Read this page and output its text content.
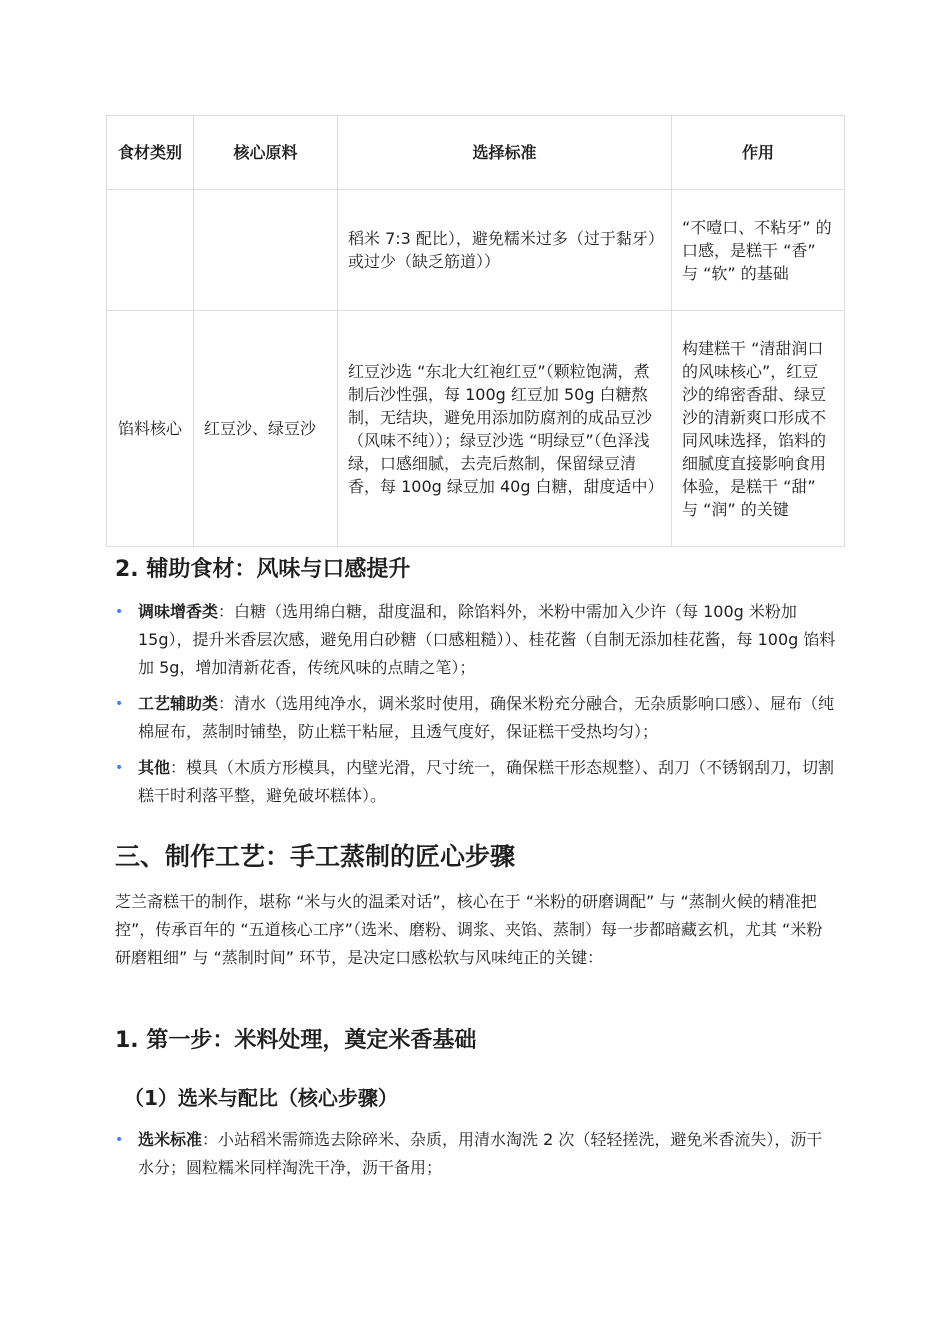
食材类别	核心原料	选择标准	作用
		稻米 7:3 配比），避免糯米过多（过于黏牙）或过少（缺乏筋道））	“不噎口、不粘牙” 的口感，是糕干 “香” 与 “软” 的基础
馅料核心	红豆沙、绿豆沙	红豆沙选 “东北大红袍红豆”（颗粒饱满，煮制后沙性强，每 100g 红豆加 50g 白糖熬制，无结块，避免用添加防腐剂的成品豆沙（风味不纯））；绿豆沙选 “明绿豆”（色泽浅绿，口感细腻，去壳后熬制，保留绿豆清香，每 100g 绿豆加 40g 白糖，甜度适中）	构建糕干 “清甜润口的风味核心”，红豆沙的绵密香甜、绿豆沙的清新爽口形成不同风味选择，馅料的细腻度直接影响食用体验，是糕干 “甜” 与 “润” 的关键
2. 辅助食材：风味与口感提升
• 调味增香类：白糖（选用绵白糖，甜度温和，除馅料外，米粉中需加入少许（每 100g 米粉加 15g），提升米香层次感，避免用白砂糖（口感粗糙））、桂花酱（自制无添加桂花酱，每 100g 馅料加 5g，增加清新花香，传统风味的点睛之笔）；
• 工艺辅助类：清水（选用纯净水，调米浆时使用，确保米粉充分融合，无杂质影响口感）、屉布（纯棉屉布，蒸制时铺垫，防止糕干粘屉，且透气度好，保证糕干受热均匀）；
• 其他：模具（木质方形模具，内壁光滑，尺寸统一，确保糕干形态规整）、刮刀（不锈钢刮刀，切割糕干时利落平整，避免破坏糕体）。
三、制作工艺：手工蒸制的匠心步骤

芝兰斋糕干的制作，堪称 “米与火的温柔对话”，核心在于 “米粉的研磨调配” 与 “蒸制火候的精准把控”，传承百年的 “五道核心工序”（选米、磨粉、调浆、夹馅、蒸制）每一步都暗藏玄机，尤其 “米粉研磨粗细” 与 “蒸制时间” 环节，是决定口感松软与风味纯正的关键：

1. 第一步：米料处理，奠定米香基础
（1）选米与配比（核心步骤）
• 选米标准：小站稻米需筛选去除碎米、杂质，用清水淘洗 2 次（轻轻搓洗，避免米香流失），沥干水分；圆粒糯米同样淘洗干净，沥干备用；
